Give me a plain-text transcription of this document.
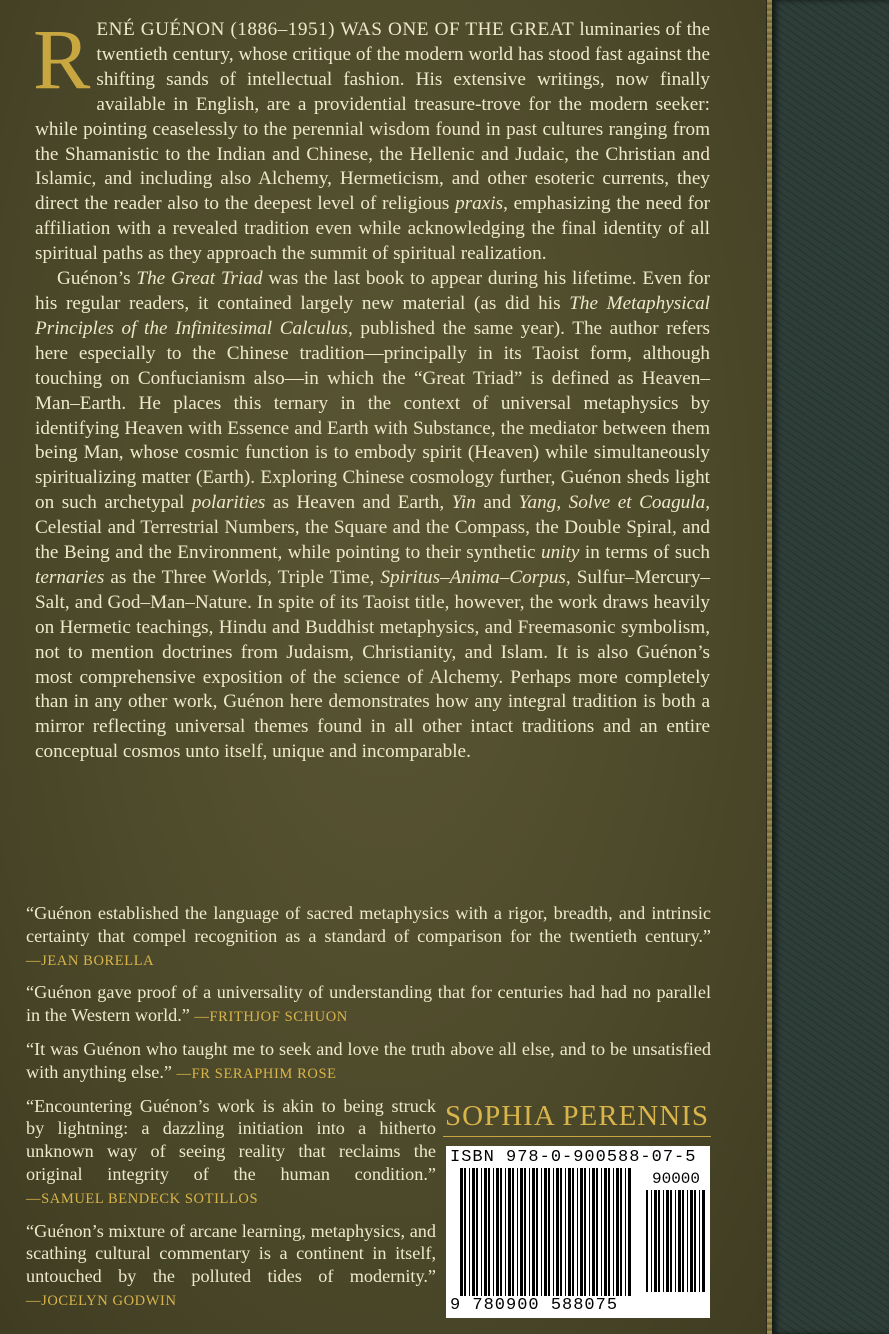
RENÉ GUÉNON (1886–1951) WAS ONE OF THE GREAT luminaries of the twentieth century, whose critique of the modern world has stood fast against the shifting sands of intellectual fashion. His extensive writings, now finally available in English, are a providential treasure-trove for the modern seeker: while pointing ceaselessly to the perennial wisdom found in past cultures ranging from the Shamanistic to the Indian and Chinese, the Hellenic and Judaic, the Christian and Islamic, and including also Alchemy, Hermeticism, and other esoteric currents, they direct the reader also to the deepest level of religious praxis, emphasizing the need for affiliation with a revealed tradition even while acknowledging the final identity of all spiritual paths as they approach the summit of spiritual realization.

Guénon’s The Great Triad was the last book to appear during his lifetime. Even for his regular readers, it contained largely new material (as did his The Metaphysical Principles of the Infinitesimal Calculus, published the same year). The author refers here especially to the Chinese tradition—principally in its Taoist form, although touching on Confucianism also—in which the “Great Triad” is defined as Heaven–Man–Earth. He places this ternary in the context of universal metaphysics by identifying Heaven with Essence and Earth with Substance, the mediator between them being Man, whose cosmic function is to embody spirit (Heaven) while simultaneously spiritualizing matter (Earth). Exploring Chinese cosmology further, Guénon sheds light on such archetypal polarities as Heaven and Earth, Yin and Yang, Solve et Coagula, Celestial and Terrestrial Numbers, the Square and the Compass, the Double Spiral, and the Being and the Environment, while pointing to their synthetic unity in terms of such ternaries as the Three Worlds, Triple Time, Spiritus–Anima–Corpus, Sulfur–Mercury–Salt, and God–Man–Nature. In spite of its Taoist title, however, the work draws heavily on Hermetic teachings, Hindu and Buddhist metaphysics, and Freemasonic symbolism, not to mention doctrines from Judaism, Christianity, and Islam. It is also Guénon’s most comprehensive exposition of the science of Alchemy. Perhaps more completely than in any other work, Guénon here demonstrates how any integral tradition is both a mirror reflecting universal themes found in all other intact traditions and an entire conceptual cosmos unto itself, unique and incomparable.

“Guénon established the language of sacred metaphysics with a rigor, breadth, and intrinsic certainty that compel recognition as a standard of comparison for the twentieth century.” —JEAN BORELLA

“Guénon gave proof of a universality of understanding that for centuries had had no parallel in the Western world.” —FRITHJOF SCHUON

“It was Guénon who taught me to seek and love the truth above all else, and to be unsatisfied with anything else.” —FR SERAPHIM ROSE

“Encountering Guénon’s work is akin to being struck by lightning: a dazzling initiation into a hitherto unknown way of seeing reality that reclaims the original integrity of the human condition.” —SAMUEL BENDECK SOTILLOS

“Guénon’s mixture of arcane learning, metaphysics, and scathing cultural commentary is a continent in itself, untouched by the polluted tides of modernity.” —JOCELYN GODWIN

SOPHIA PERENNIS
ISBN 978-0-900588-07-5
90000
9 780900 588075
